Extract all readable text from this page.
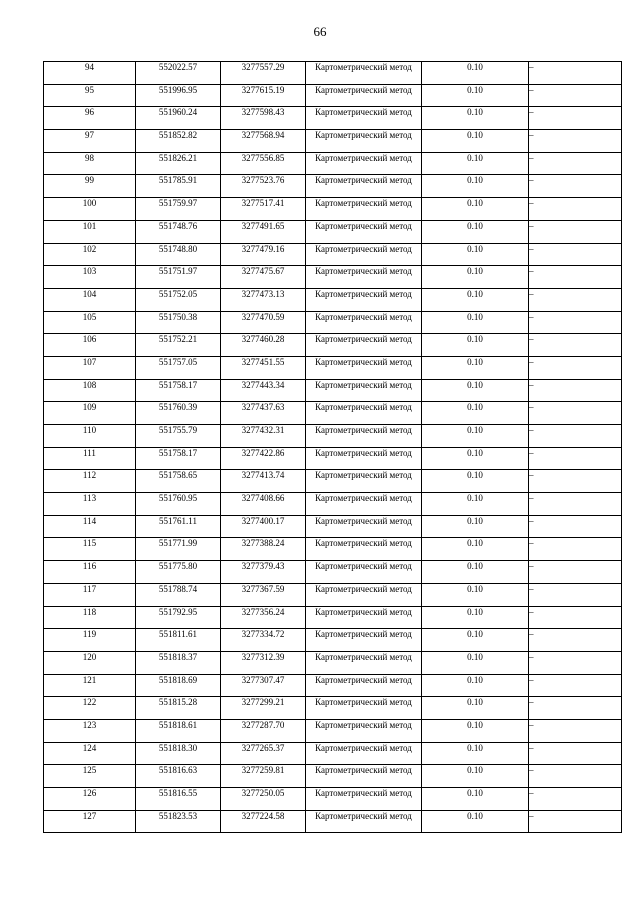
66
94	552022.57	3277557.29	Картометрический метод	0.10	–
95	551996.95	3277615.19	Картометрический метод	0.10	–
96	551960.24	3277598.43	Картометрический метод	0.10	–
97	551852.82	3277568.94	Картометрический метод	0.10	–
98	551826.21	3277556.85	Картометрический метод	0.10	–
99	551785.91	3277523.76	Картометрический метод	0.10	–
100	551759.97	3277517.41	Картометрический метод	0.10	–
101	551748.76	3277491.65	Картометрический метод	0.10	–
102	551748.80	3277479.16	Картометрический метод	0.10	–
103	551751.97	3277475.67	Картометрический метод	0.10	–
104	551752.05	3277473.13	Картометрический метод	0.10	–
105	551750.38	3277470.59	Картометрический метод	0.10	–
106	551752.21	3277460.28	Картометрический метод	0.10	–
107	551757.05	3277451.55	Картометрический метод	0.10	–
108	551758.17	3277443.34	Картометрический метод	0.10	–
109	551760.39	3277437.63	Картометрический метод	0.10	–
110	551755.79	3277432.31	Картометрический метод	0.10	–
111	551758.17	3277422.86	Картометрический метод	0.10	–
112	551758.65	3277413.74	Картометрический метод	0.10	–
113	551760.95	3277408.66	Картометрический метод	0.10	–
114	551761.11	3277400.17	Картометрический метод	0.10	–
115	551771.99	3277388.24	Картометрический метод	0.10	–
116	551775.80	3277379.43	Картометрический метод	0.10	–
117	551788.74	3277367.59	Картометрический метод	0.10	–
118	551792.95	3277356.24	Картометрический метод	0.10	–
119	551811.61	3277334.72	Картометрический метод	0.10	–
120	551818.37	3277312.39	Картометрический метод	0.10	–
121	551818.69	3277307.47	Картометрический метод	0.10	–
122	551815.28	3277299.21	Картометрический метод	0.10	–
123	551818.61	3277287.70	Картометрический метод	0.10	–
124	551818.30	3277265.37	Картометрический метод	0.10	–
125	551816.63	3277259.81	Картометрический метод	0.10	–
126	551816.55	3277250.05	Картометрический метод	0.10	–
127	551823.53	3277224.58	Картометрический метод	0.10	–
